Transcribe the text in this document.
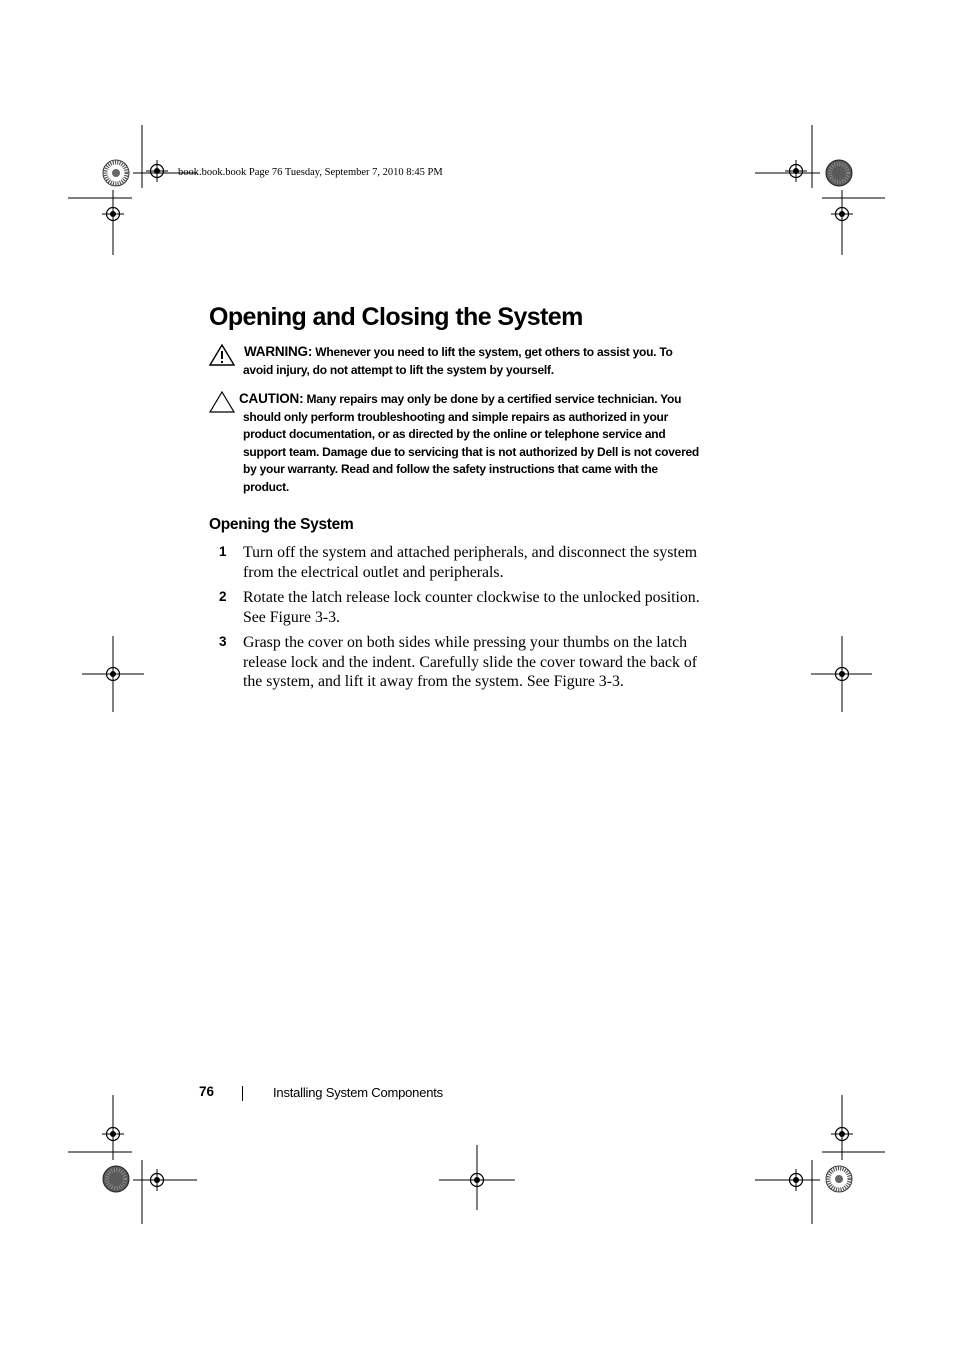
book.book.book Page 76 Tuesday, September 7, 2010 8:45 PM
Opening and Closing the System
WARNING: Whenever you need to lift the system, get others to assist you. To
avoid injury, do not attempt to lift the system by yourself.
CAUTION: Many repairs may only be done by a certified service technician. You
should only perform troubleshooting and simple repairs as authorized in your
product documentation, or as directed by the online or telephone service and
support team. Damage due to servicing that is not authorized by Dell is not covered
by your warranty. Read and follow the safety instructions that came with the
product.
Opening the System
1 Turn off the system and attached peripherals, and disconnect the system from the electrical outlet and peripherals.
2 Rotate the latch release lock counter clockwise to the unlocked position. See Figure 3-3.
3 Grasp the cover on both sides while pressing your thumbs on the latch release lock and the indent. Carefully slide the cover toward the back of the system, and lift it away from the system. See Figure 3-3.
76	Installing System Components
